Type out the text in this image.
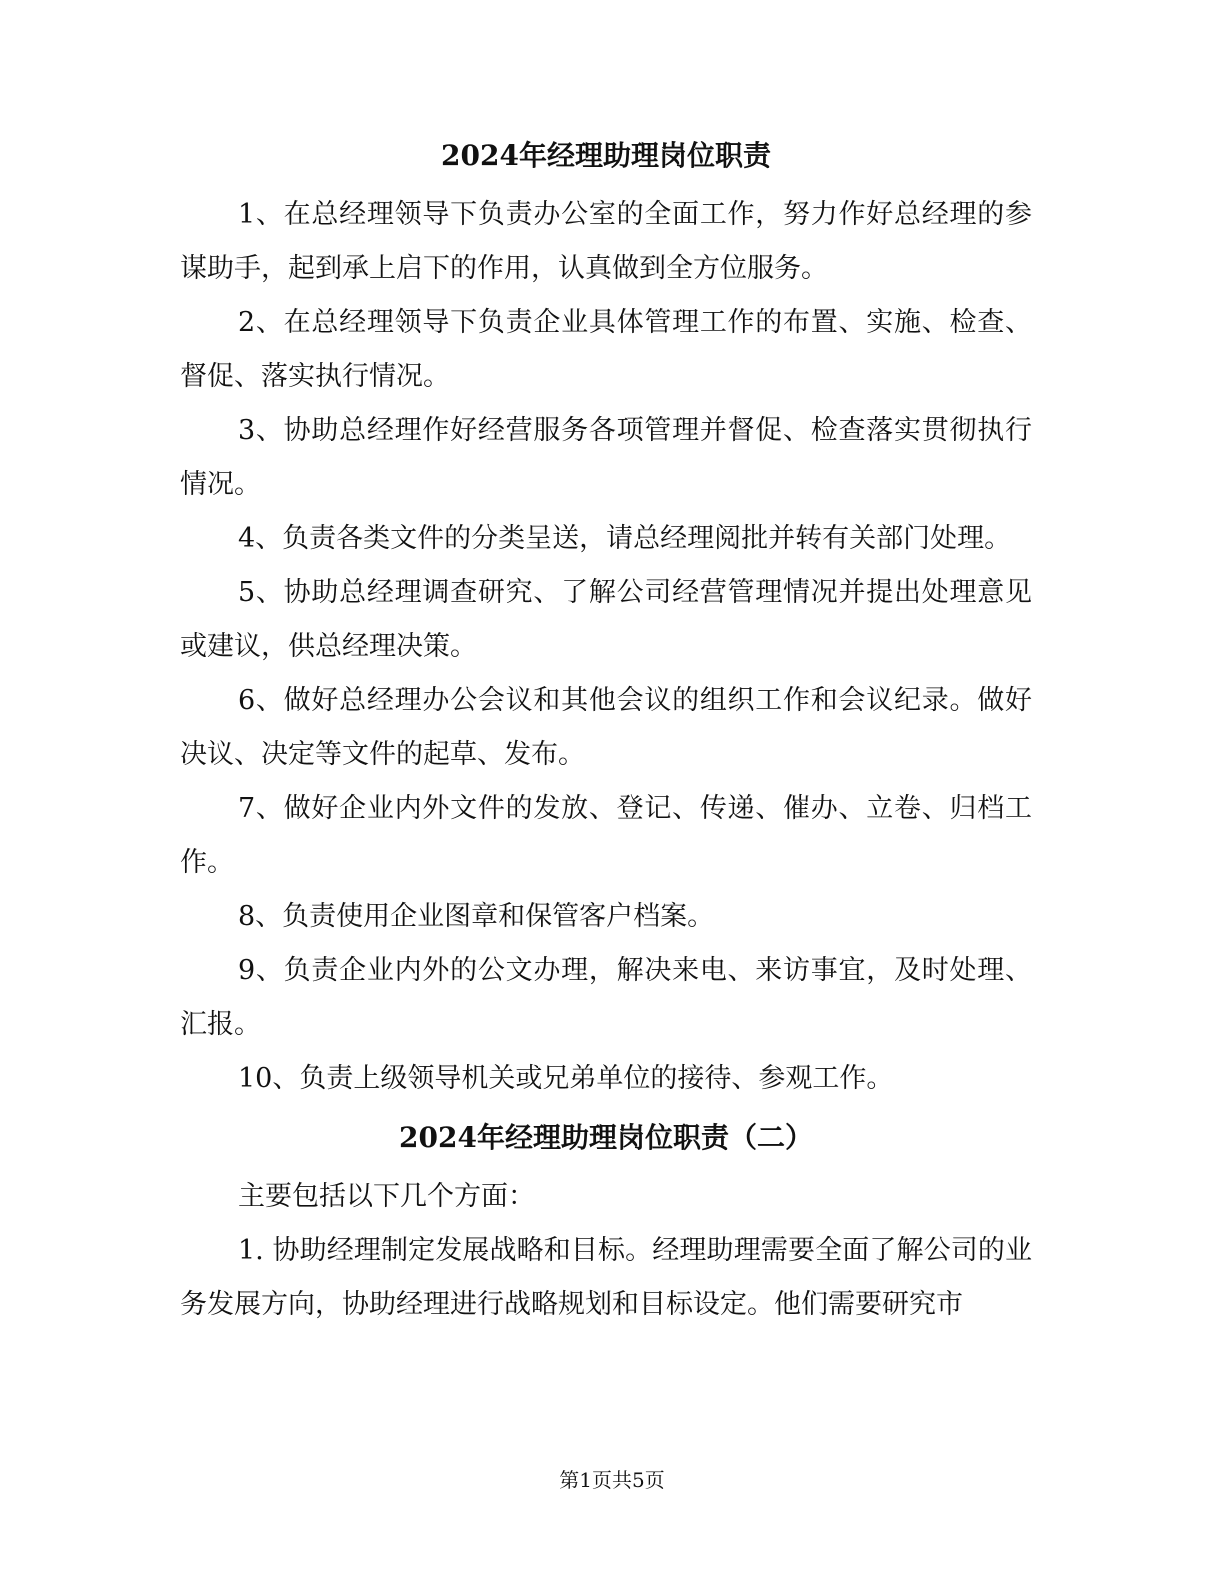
2024年经理助理岗位职责

1、在总经理领导下负责办公室的全面工作，努力作好总经理的参谋助手，起到承上启下的作用，认真做到全方位服务。

2、在总经理领导下负责企业具体管理工作的布置、实施、检查、督促、落实执行情况。

3、协助总经理作好经营服务各项管理并督促、检查落实贯彻执行情况。

4、负责各类文件的分类呈送，请总经理阅批并转有关部门处理。

5、协助总经理调查研究、了解公司经营管理情况并提出处理意见或建议，供总经理决策。

6、做好总经理办公会议和其他会议的组织工作和会议纪录。做好决议、决定等文件的起草、发布。

7、做好企业内外文件的发放、登记、传递、催办、立卷、归档工作。

8、负责使用企业图章和保管客户档案。

9、负责企业内外的公文办理，解决来电、来访事宜，及时处理、汇报。

10、负责上级领导机关或兄弟单位的接待、参观工作。

2024年经理助理岗位职责（二）

主要包括以下几个方面：

1. 协助经理制定发展战略和目标。经理助理需要全面了解公司的业务发展方向，协助经理进行战略规划和目标设定。他们需要研究市

第1页共5页
